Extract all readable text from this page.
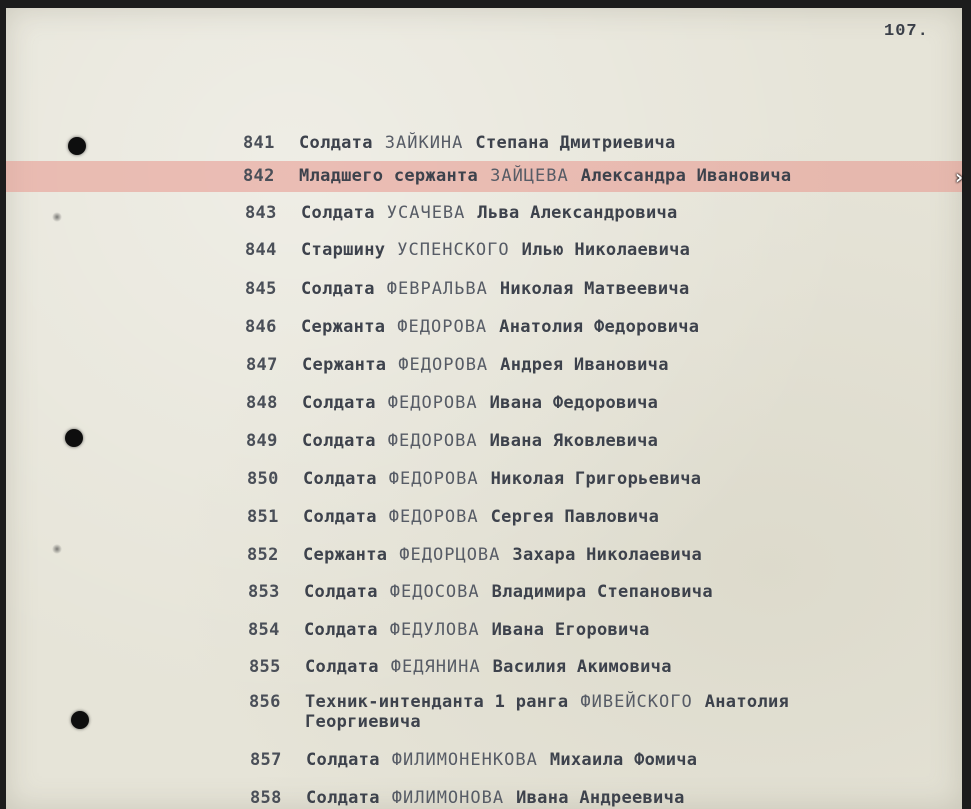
107.
841 Солдата ЗАЙКИНА Степана Дмитриевича
842 Младшего сержанта ЗАЙЦЕВА Александра Ивановича
843 Солдата УСАЧЕВА Льва Александровича
844 Старшину УСПЕНСКОГО Илью Николаевича
845 Солдата ФЕВРАЛЬВА Николая Матвеевича
846 Сержанта ФЕДОРОВА Анатолия Федоровича
847 Сержанта ФЕДОРОВА Андрея Ивановича
848 Солдата ФЕДОРОВА Ивана Федоровича
849 Солдата ФЕДОРОВА Ивана Яковлевича
850 Солдата ФЕДОРОВА Николая Григорьевича
851 Солдата ФЕДОРОВА Сергея Павловича
852 Сержанта ФЕДОРЦОВА Захара Николаевича
853 Солдата ФЕДОСОВА Владимира Степановича
854 Солдата ФЕДУЛОВА Ивана Егоровича
855 Солдата ФЕДЯНИНА Василия Акимовича
856 Техник-интенданта 1 ранга ФИВЕЙСКОГО Анатолия
Георгиевича
857 Солдата ФИЛИМОНЕНКОВА Михаила Фомича
858 Солдата ФИЛИМОНОВА Ивана Андреевича
›
